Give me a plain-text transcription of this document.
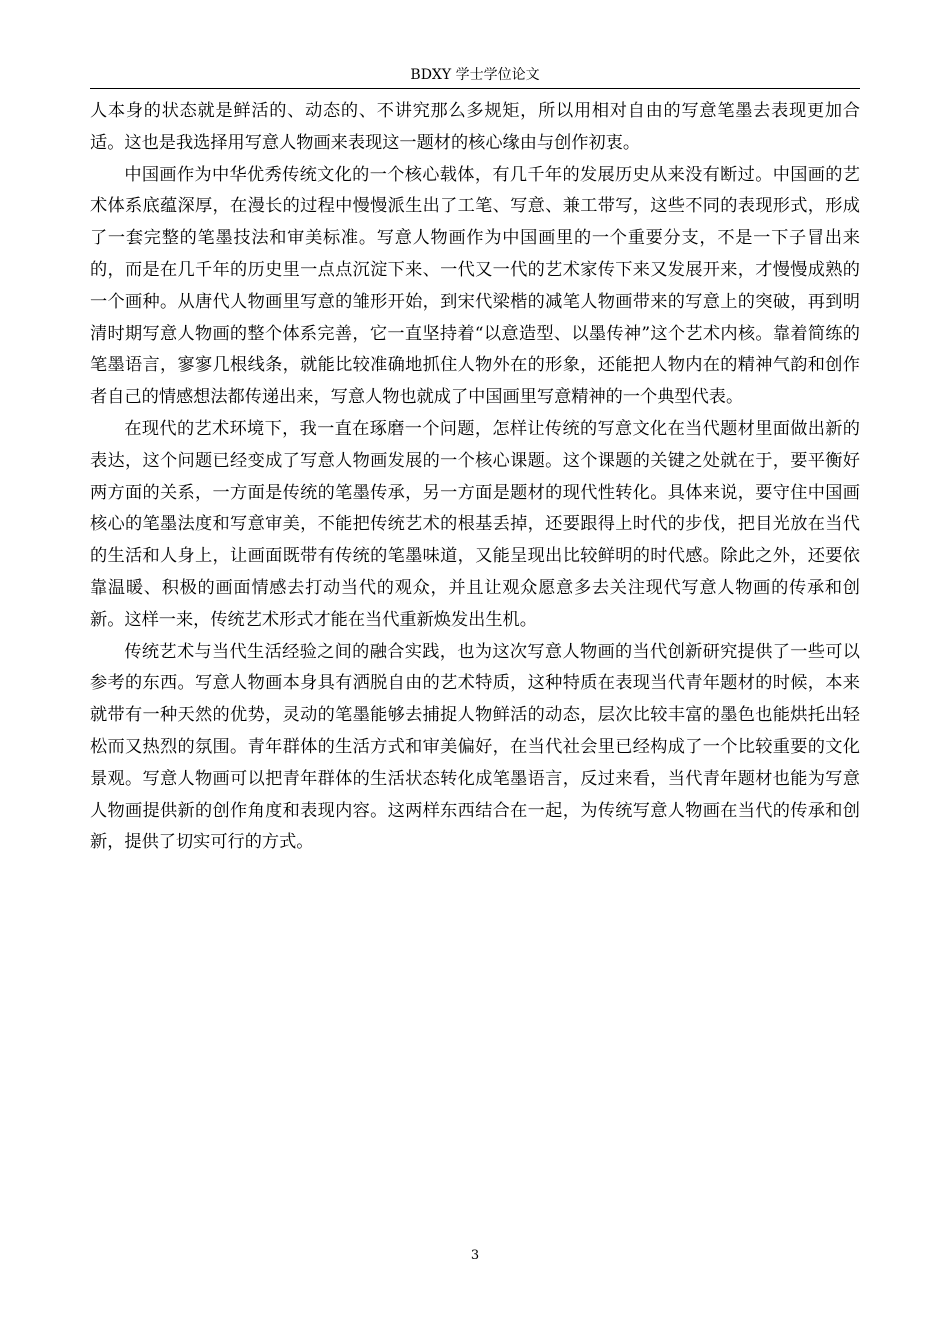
BDXY 学士学位论文

人本身的状态就是鲜活的、动态的、不讲究那么多规矩，所以用相对自由的写意笔墨去表现更加合适。这也是我选择用写意人物画来表现这一题材的核心缘由与创作初衷。

中国画作为中华优秀传统文化的一个核心载体，有几千年的发展历史从来没有断过。中国画的艺术体系底蕴深厚，在漫长的过程中慢慢派生出了工笔、写意、兼工带写，这些不同的表现形式，形成了一套完整的笔墨技法和审美标准。写意人物画作为中国画里的一个重要分支，不是一下子冒出来的，而是在几千年的历史里一点点沉淀下来、一代又一代的艺术家传下来又发展开来，才慢慢成熟的一个画种。从唐代人物画里写意的雏形开始，到宋代梁楷的减笔人物画带来的写意上的突破，再到明清时期写意人物画的整个体系完善，它一直坚持着“以意造型、以墨传神”这个艺术内核。靠着简练的笔墨语言，寥寥几根线条，就能比较准确地抓住人物外在的形象，还能把人物内在的精神气韵和创作者自己的情感想法都传递出来，写意人物也就成了中国画里写意精神的一个典型代表。

在现代的艺术环境下，我一直在琢磨一个问题，怎样让传统的写意文化在当代题材里面做出新的表达，这个问题已经变成了写意人物画发展的一个核心课题。这个课题的关键之处就在于，要平衡好两方面的关系，一方面是传统的笔墨传承，另一方面是题材的现代性转化。具体来说，要守住中国画核心的笔墨法度和写意审美，不能把传统艺术的根基丢掉，还要跟得上时代的步伐，把目光放在当代的生活和人身上，让画面既带有传统的笔墨味道，又能呈现出比较鲜明的时代感。除此之外，还要依靠温暖、积极的画面情感去打动当代的观众，并且让观众愿意多去关注现代写意人物画的传承和创新。这样一来，传统艺术形式才能在当代重新焕发出生机。

传统艺术与当代生活经验之间的融合实践，也为这次写意人物画的当代创新研究提供了一些可以参考的东西。写意人物画本身具有洒脱自由的艺术特质，这种特质在表现当代青年题材的时候，本来就带有一种天然的优势，灵动的笔墨能够去捕捉人物鲜活的动态，层次比较丰富的墨色也能烘托出轻松而又热烈的氛围。青年群体的生活方式和审美偏好，在当代社会里已经构成了一个比较重要的文化景观。写意人物画可以把青年群体的生活状态转化成笔墨语言，反过来看，当代青年题材也能为写意人物画提供新的创作角度和表现内容。这两样东西结合在一起，为传统写意人物画在当代的传承和创新，提供了切实可行的方式。

3
